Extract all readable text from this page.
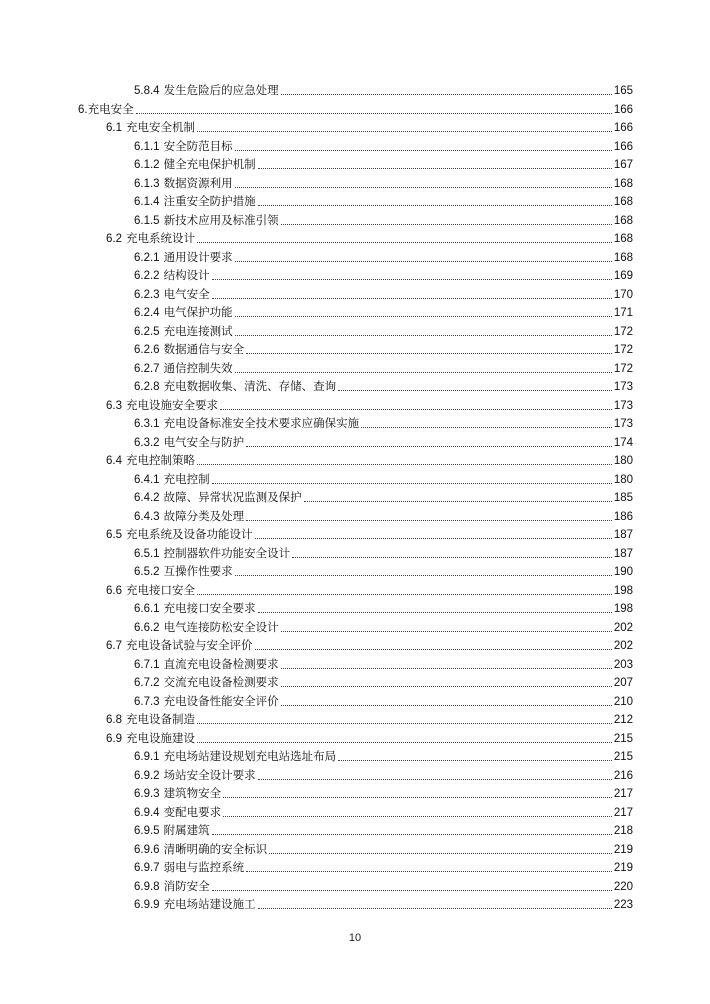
5.8.4 发生危险后的应急处理	165
6.充电安全	166
6.1 充电安全机制	166
6.1.1 安全防范目标	166
6.1.2 健全充电保护机制	167
6.1.3 数据资源利用	168
6.1.4 注重安全防护措施	168
6.1.5 新技术应用及标准引领	168
6.2 充电系统设计	168
6.2.1 通用设计要求	168
6.2.2 结构设计	169
6.2.3 电气安全	170
6.2.4 电气保护功能	171
6.2.5 充电连接测试	172
6.2.6 数据通信与安全	172
6.2.7 通信控制失效	172
6.2.8 充电数据收集、清洗、存储、查询	173
6.3 充电设施安全要求	173
6.3.1 充电设备标准安全技术要求应确保实施	173
6.3.2 电气安全与防护	174
6.4 充电控制策略	180
6.4.1 充电控制	180
6.4.2 故障、异常状况监测及保护	185
6.4.3 故障分类及处理	186
6.5 充电系统及设备功能设计	187
6.5.1 控制器软件功能安全设计	187
6.5.2 互操作性要求	190
6.6 充电接口安全	198
6.6.1 充电接口安全要求	198
6.6.2 电气连接防松安全设计	202
6.7 充电设备试验与安全评价	202
6.7.1 直流充电设备检测要求	203
6.7.2 交流充电设备检测要求	207
6.7.3 充电设备性能安全评价	210
6.8 充电设备制造	212
6.9 充电设施建设	215
6.9.1 充电场站建设规划充电站选址布局	215
6.9.2 场站安全设计要求	216
6.9.3 建筑物安全	217
6.9.4 变配电要求	217
6.9.5 附属建筑	218
6.9.6 清晰明确的安全标识	219
6.9.7 弱电与监控系统	219
6.9.8 消防安全	220
6.9.9 充电场站建设施工	223
10
